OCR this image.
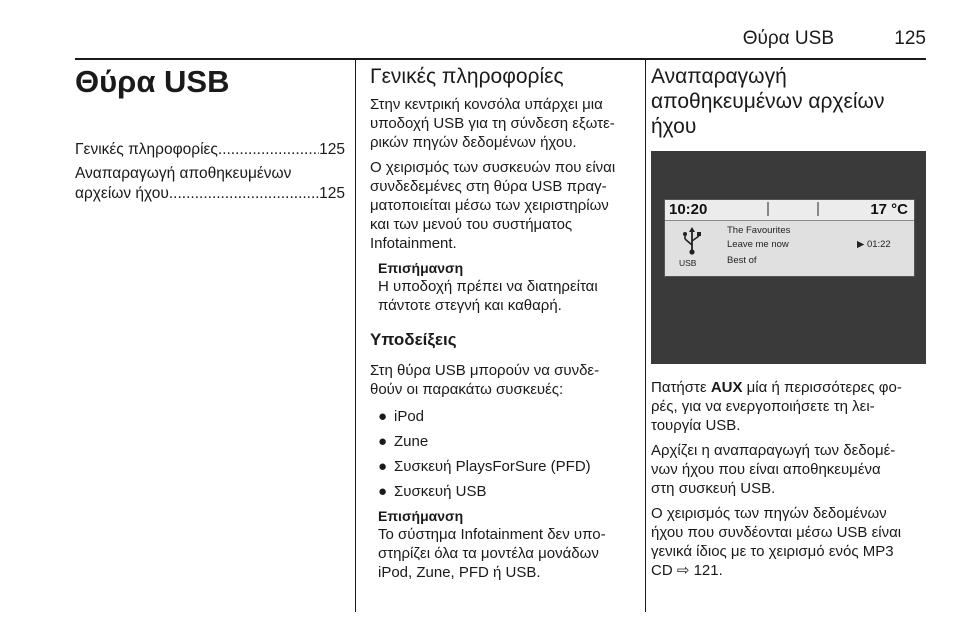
Θύρα USB	125
Θύρα USB
Γενικές πληροφορίες .....	125
Αναπαραγωγή αποθηκευμένων
αρχείων ήχου .....	125
Γενικές πληροφορίες

Στην κεντρική κονσόλα υπάρχει μια
υποδοχή USB για τη σύνδεση εξωτε-
ρικών πηγών δεδομένων ήχου.

Ο χειρισμός των συσκευών που είναι
συνδεδεμένες στη θύρα USB πραγ-
ματοποιείται μέσω των χειριστηρίων
και των μενού του συστήματος
Infotainment.

Επισήμανση
Η υποδοχή πρέπει να διατηρείται
πάντοτε στεγνή και καθαρή.
Υποδείξεις

Στη θύρα USB μπορούν να συνδε-
θούν οι παρακάτω συσκευές:

● iPod
● Zune
● Συσκευή PlaysForSure (PFD)
● Συσκευή USB
Επισήμανση
Το σύστημα Infotainment δεν υπο-
στηρίζει όλα τα μοντέλα μονάδων
iPod, Zune, PFD ή USB.
Αναπαραγωγή
αποθηκευμένων αρχείων
ήχου
10:20	17 °C
USB
The Favourites
Leave me now
Best of
▶ 01:22

Πατήστε AUX μία ή περισσότερες φο-
ρές, για να ενεργοποιήσετε τη λει-
τουργία USB.

Αρχίζει η αναπαραγωγή των δεδομέ-
νων ήχου που είναι αποθηκευμένα
στη συσκευή USB.

Ο χειρισμός των πηγών δεδομένων
ήχου που συνδέονται μέσω USB είναι
γενικά ίδιος με το χειρισμό ενός MP3
CD ⇨ 121.
